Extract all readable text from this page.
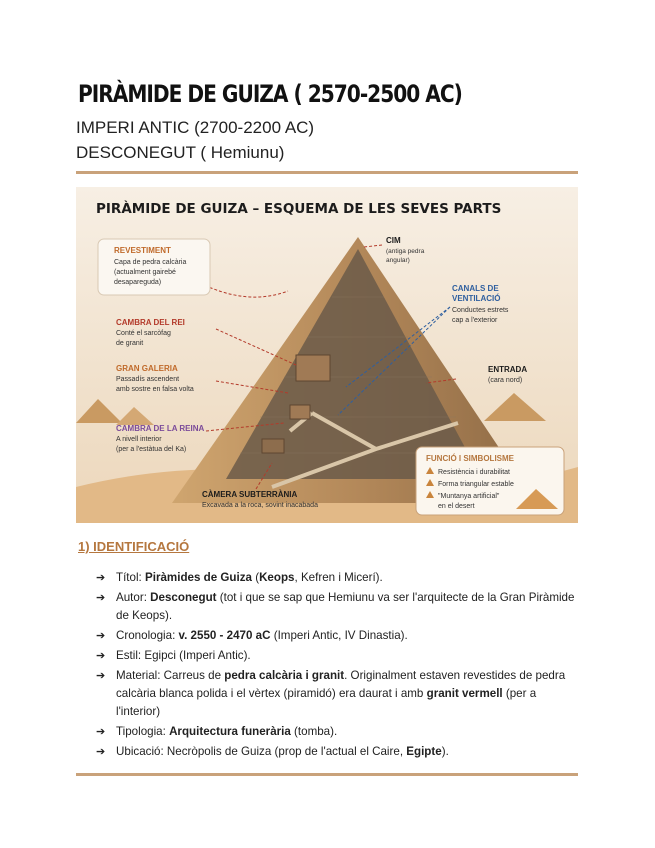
PIRÀMIDE DE GUIZA ( 2570-2500 AC)
IMPERI ANTIC (2700-2200 AC)
DESCONEGUT ( Hemiunu)
PIRÀMIDE DE GUIZA – ESQUEMA DE LES SEVES PARTS
REVESTIMENT
Capa de pedra calcària
(actualment gairebé
desapareguda)
CAMBRA DEL REI
Conté el sarcòfag
de granit
GRAN GALERIA
Passadís ascendent
amb sostre en falsa volta
CAMBRA DE LA REINA
A nivell interior
(per a l'estàtua del Ka)
CÀMERA SUBTERRÀNIA
Excavada a la roca, sovint inacabada
CIM
(antiga pedra
angular)
CANALS DE
VENTILACIÓ
Conductes estrets
cap a l'exterior
ENTRADA
(cara nord)
FUNCIÓ I SIMBOLISME
Resistència i durabilitat
Forma triangular estable
"Muntanya artificial"
en el desert
1) IDENTIFICACIÓ
➔ Títol: Piràmides de Guiza (Keops, Kefren i Micerí).
➔ Autor: Desconegut (tot i que se sap que Hemiunu va ser l'arquitecte de la Gran Piràmide de Keops).
➔ Cronologia: v. 2550 - 2470 aC (Imperi Antic, IV Dinastia).
➔ Estil: Egipci (Imperi Antic).
➔ Material: Carreus de pedra calcària i granit. Originalment estaven revestides de pedra calcària blanca polida i el vèrtex (piramidó) era daurat i amb granit vermell (per a l'interior)
➔ Tipologia: Arquitectura funerària (tomba).
➔ Ubicació: Necròpolis de Guiza (prop de l'actual el Caire, Egipte).
